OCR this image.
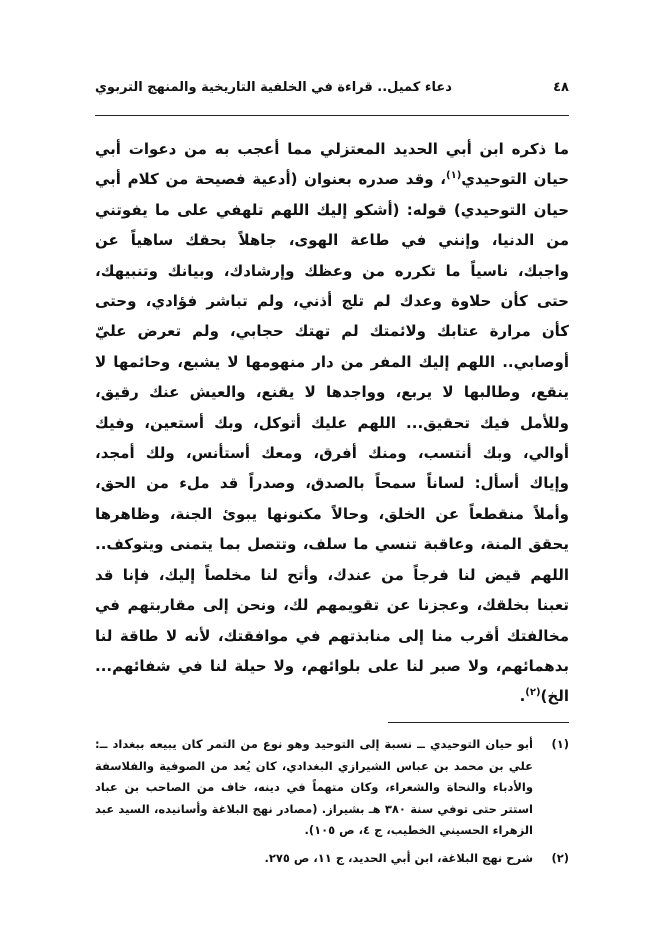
٤٨
دعاء كميل.. قراءة في الخلفية التاريخية والمنهج التربوي
ما ذكره ابن أبي الحديد المعتزلي مما أعجب به من دعوات أبي حيان التوحيدي$^{(١)}$، وقد صدره بعنوان (أدعية فصيحة من كلام أبي حيان التوحيدي) قوله: (أشكو إليك اللهم تلهفي على ما يفوتني من الدنيا، وإنني في طاعة الهوى، جاهلاً بحقك ساهياً عن واجبك، ناسياً ما تكرره من وعظك وإرشادك، وبيانك وتنبيهك، حتى كأن حلاوة وعدك لم تلج أذني، ولم تباشر فؤادي، وحتى كأن مرارة عتابك ولائمتك لم تهتك حجابي، ولم تعرض عليّ أوصابي.. اللهم إليك المفر من دار منهومها لا يشبع، وحائمها لا ينقع، وطالبها لا يربع، وواجدها لا يقنع، والعيش عنك رقيق، وللأمل فيك تحقيق... اللهم عليك أتوكل، وبك أستعين، وفيك أوالي، وبك أنتسب، ومنك أفرق، ومعك أستأنس، ولك أمجد، وإياك أسأل: لساناً سمحاً بالصدق، وصدراً قد ملء من الحق، وأملاً منقطعاً عن الخلق، وحالاً مكنونها يبوئ الجنة، وظاهرها يحقق المنة، وعاقبة تنسي ما سلف، وتتصل بما يتمنى ويتوكف.. اللهم قيض لنا فرجاً من عندك، وأتح لنا مخلصاً إليك، فإنا قد تعبنا بخلقك، وعجزنا عن تقويمهم لك، ونحن إلى مقاربتهم في مخالفتك أقرب منا إلى منابذتهم في موافقتك، لأنه لا طاقة لنا بدهمائهم، ولا صبر لنا على بلوائهم، ولا حيلة لنا في شفائهم... الخ)$^{(٢)}$.
(١)
أبو حيان التوحيدي ــ نسبة إلى التوحيد وهو نوع من التمر كان يبيعه ببغداد ــ: علي بن محمد بن عباس الشيرازي البغدادي، كان يُعد من الصوفية والفلاسفة والأدباء والنحاة والشعراء، وكان متهماً في دينه، خاف من الصاحب بن عباد استتر حتى توفي سنة ٣٨٠ هـ بشيراز. (مصادر نهج البلاغة وأسانيده، السيد عبد الزهراء الحسيني الخطيب، ج ٤، ص ١٠٥).
(٢)
شرح نهج البلاغة، ابن أبي الحديد، ج ١١، ص ٢٧٥.
